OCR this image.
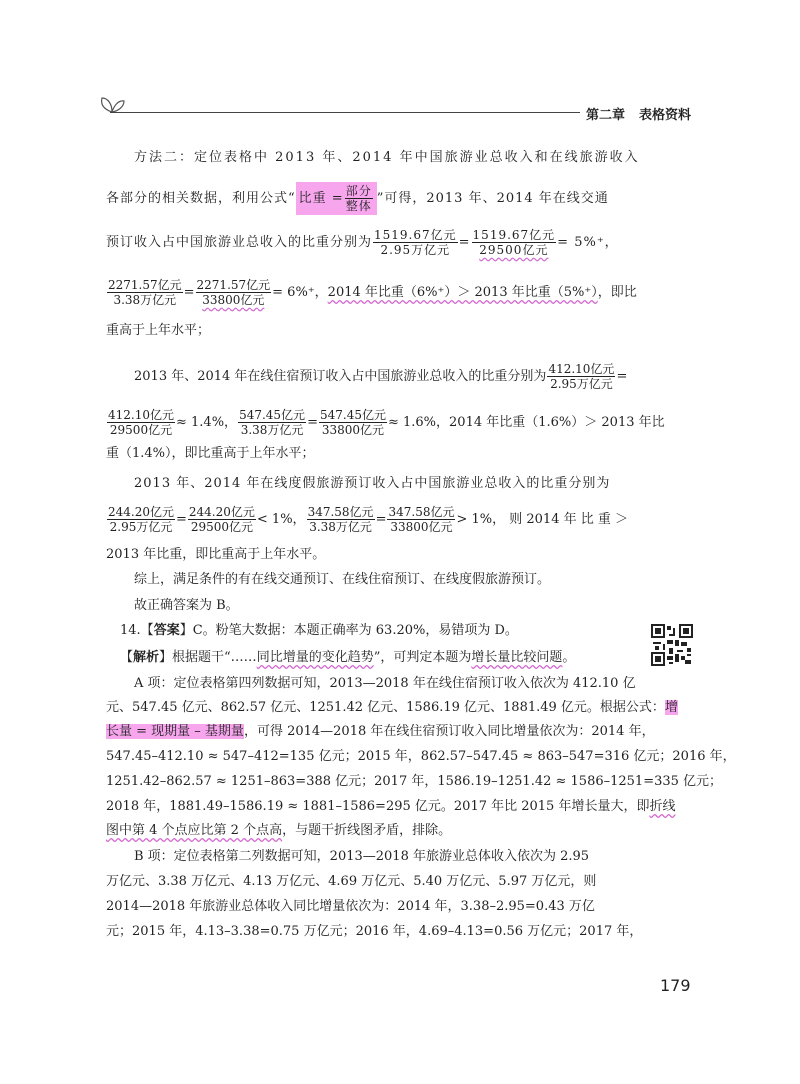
第二章 表格资料
方法二：定位表格中 2013 年、2014 年中国旅游业总收入和在线旅游收入
各部分的相关数据，利用公式“ 比重 = $\frac{\text{部分}}{\text{整体}}$ ”可得，2013 年、2014 年在线交通
预订收入占中国旅游业总收入的比重分别为 $\frac{\text{1519.67亿元}}{\text{2.95万亿元}} = \frac{\text{1519.67亿元}}{\text{29500亿元}} = 5\%^+$，
$\frac{\text{2271.57亿元}}{\text{3.38万亿元}} = \frac{\text{2271.57亿元}}{\text{33800亿元}} = 6\%^+$，2014 年比重（6%⁺）＞ 2013 年比重（5%⁺），即比
重高于上年水平；
2013 年、2014 年在线住宿预订收入占中国旅游业总收入的比重分别为 $\frac{\text{412.10亿元}}{\text{2.95万亿元}}$ =
$\frac{\text{412.10亿元}}{\text{29500亿元}} \approx 1.4\%$， $\frac{\text{547.45亿元}}{\text{3.38万亿元}} = \frac{\text{547.45亿元}}{\text{33800亿元}} \approx 1.6\%$，2014 年比重（1.6%）＞ 2013 年比
重（1.4%），即比重高于上年水平；
2013 年、2014 年在线度假旅游预订收入占中国旅游业总收入的比重分别为
$\frac{\text{244.20亿元}}{\text{2.95万亿元}} = \frac{\text{244.20亿元}}{\text{29500亿元}} < 1\%$， $\frac{\text{347.58亿元}}{\text{3.38万亿元}} = \frac{\text{347.58亿元}}{\text{33800亿元}} > 1\%$， 则 2014 年 比 重 ＞
2013 年比重，即比重高于上年水平。
综上，满足条件的有在线交通预订、在线住宿预订、在线度假旅游预订。
故正确答案为 B。
14.【答案】C。粉笔大数据：本题正确率为 63.20%，易错项为 D。
【解析】根据题干“……同比增量的变化趋势”，可判定本题为增长量比较问题。
A 项：定位表格第四列数据可知，2013—2018 年在线住宿预订收入依次为 412.10 亿
元、547.45 亿元、862.57 亿元、1251.42 亿元、1586.19 亿元、1881.49 亿元。根据公式：增
长量 = 现期量 – 基期量，可得 2014—2018 年在线住宿预订收入同比增量依次为：2014 年，
547.45–412.10 ≈ 547–412=135 亿元；2015 年，862.57–547.45 ≈ 863–547=316 亿元；2016 年，
1251.42–862.57 ≈ 1251–863=388 亿元；2017 年，1586.19–1251.42 ≈ 1586–1251=335 亿元；
2018 年，1881.49–1586.19 ≈ 1881–1586=295 亿元。2017 年比 2015 年增长量大，即折线
图中第 4 个点应比第 2 个点高，与题干折线图矛盾，排除。
B 项：定位表格第二列数据可知，2013—2018 年旅游业总体收入依次为 2.95
万亿元、3.38 万亿元、4.13 万亿元、4.69 万亿元、5.40 万亿元、5.97 万亿元，则
2014—2018 年旅游业总体收入同比增量依次为：2014 年，3.38–2.95=0.43 万亿
元；2015 年，4.13–3.38=0.75 万亿元；2016 年，4.69–4.13=0.56 万亿元；2017 年，
179
